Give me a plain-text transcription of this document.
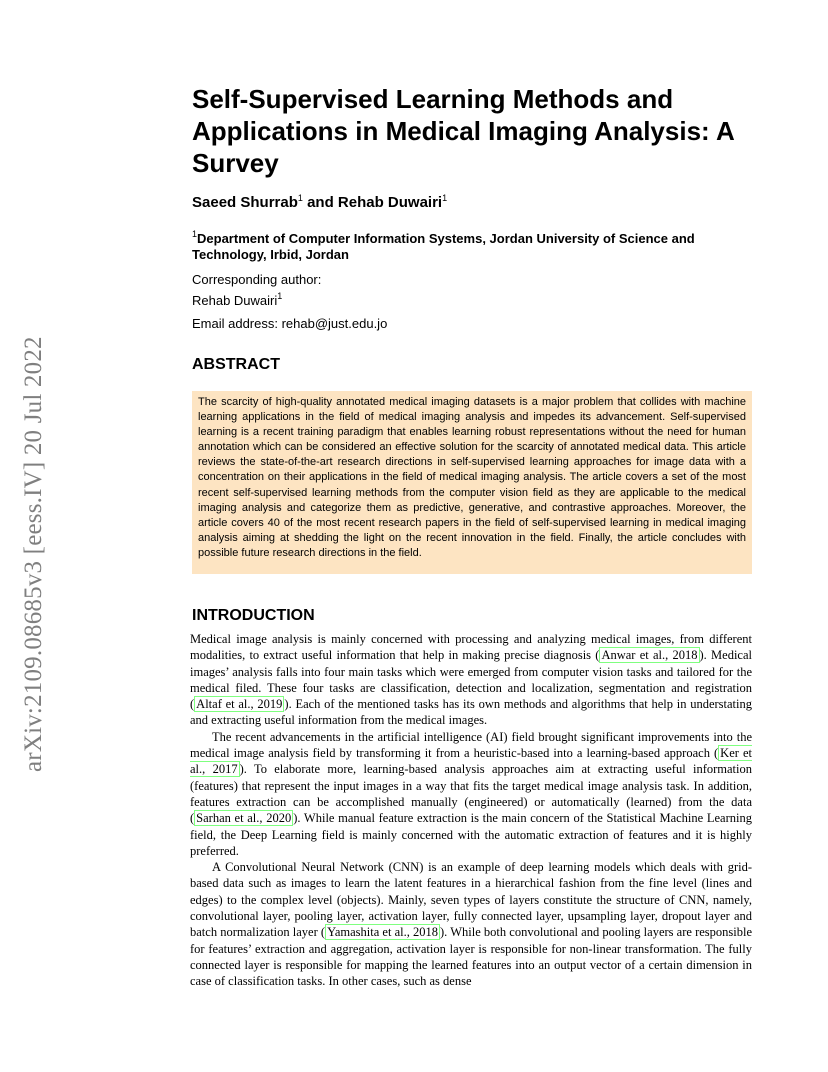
arXiv:2109.08685v3 [eess.IV] 20 Jul 2022
Self-Supervised Learning Methods and Applications in Medical Imaging Analysis: A Survey
Saeed Shurrab$^1$ and Rehab Duwairi$^1$
$^1$Department of Computer Information Systems, Jordan University of Science and Technology, Irbid, Jordan
Corresponding author:
Rehab Duwairi$^1$
Email address: rehab@just.edu.jo
ABSTRACT
The scarcity of high-quality annotated medical imaging datasets is a major problem that collides with machine learning applications in the field of medical imaging analysis and impedes its advancement. Self-supervised learning is a recent training paradigm that enables learning robust representations without the need for human annotation which can be considered an effective solution for the scarcity of annotated medical data. This article reviews the state-of-the-art research directions in self-supervised learning approaches for image data with a concentration on their applications in the field of medical imaging analysis. The article covers a set of the most recent self-supervised learning methods from the computer vision field as they are applicable to the medical imaging analysis and categorize them as predictive, generative, and contrastive approaches. Moreover, the article covers 40 of the most recent research papers in the field of self-supervised learning in medical imaging analysis aiming at shedding the light on the recent innovation in the field. Finally, the article concludes with possible future research directions in the field.
INTRODUCTION

Medical image analysis is mainly concerned with processing and analyzing medical images, from different modalities, to extract useful information that help in making precise diagnosis ( Anwar et al., 2018 ). Medical images’ analysis falls into four main tasks which were emerged from computer vision tasks and tailored for the medical filed. These four tasks are classification, detection and localization, segmentation and registration ( Altaf et al., 2019 ). Each of the mentioned tasks has its own methods and algorithms that help in understating and extracting useful information from the medical images.

The recent advancements in the artificial intelligence (AI) field brought significant improvements into the medical image analysis field by transforming it from a heuristic-based into a learning-based approach ( Ker et al., 2017 ). To elaborate more, learning-based analysis approaches aim at extracting useful information (features) that represent the input images in a way that fits the target medical image analysis task. In addition, features extraction can be accomplished manually (engineered) or automatically (learned) from the data ( Sarhan et al., 2020 ). While manual feature extraction is the main concern of the Statistical Machine Learning field, the Deep Learning field is mainly concerned with the automatic extraction of features and it is highly preferred.

A Convolutional Neural Network (CNN) is an example of deep learning models which deals with grid-based data such as images to learn the latent features in a hierarchical fashion from the fine level (lines and edges) to the complex level (objects). Mainly, seven types of layers constitute the structure of CNN, namely, convolutional layer, pooling layer, activation layer, fully connected layer, upsampling layer, dropout layer and batch normalization layer ( Yamashita et al., 2018 ). While both convolutional and pooling layers are responsible for features’ extraction and aggregation, activation layer is responsible for non-linear transformation. The fully connected layer is responsible for mapping the learned features into an output vector of a certain dimension in case of classification tasks. In other cases, such as dense
